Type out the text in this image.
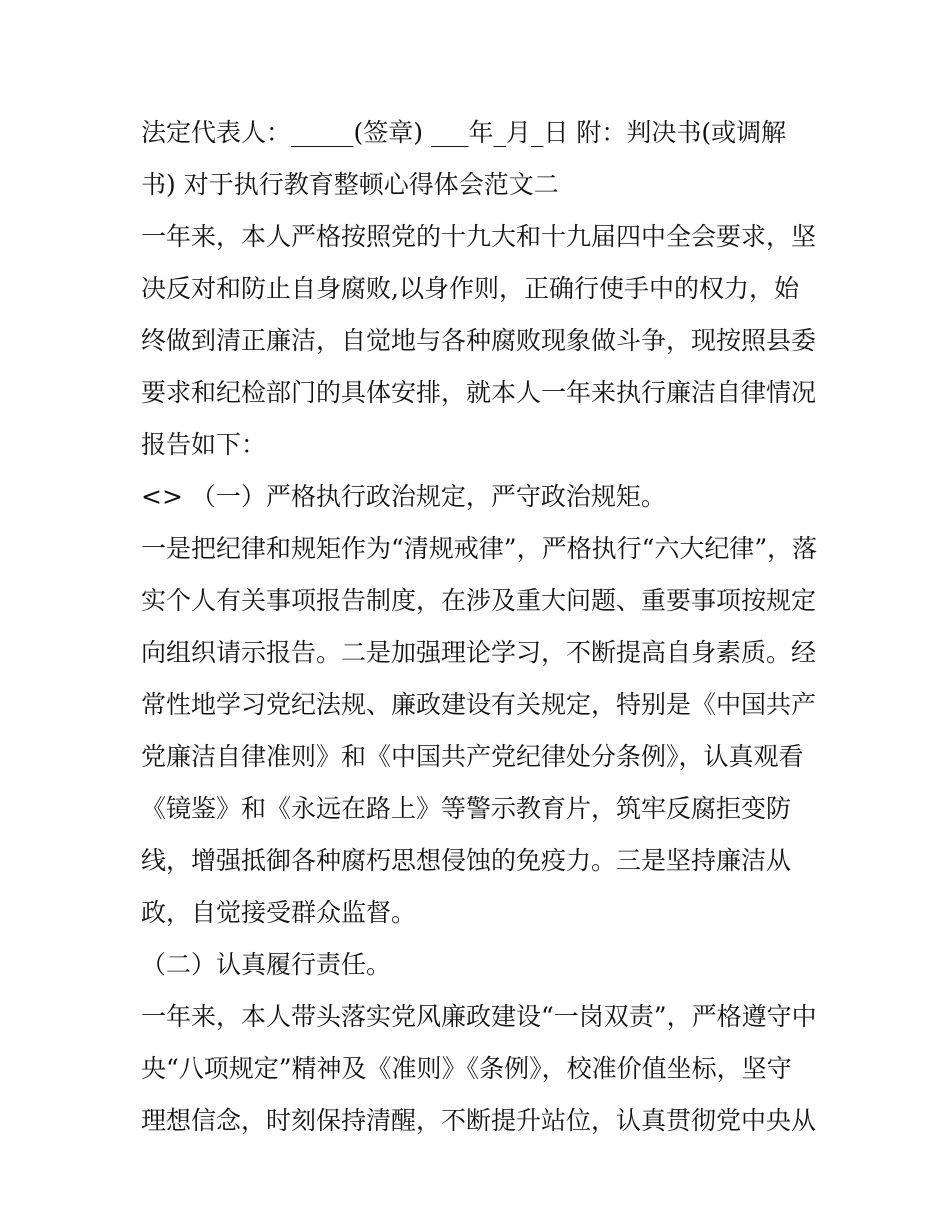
法定代表人：_____(签章) ___年_月_日 附：判决书(或调解
书) 对于执行教育整顿心得体会范文二
一年来，本人严格按照党的十九大和十九届四中全会要求，坚
决反对和防止自身腐败,以身作则，正确行使手中的权力，始
终做到清正廉洁，自觉地与各种腐败现象做斗争，现按照县委
要求和纪检部门的具体安排，就本人一年来执行廉洁自律情况
报告如下：
<> （一）严格执行政治规定，严守政治规矩。
一是把纪律和规矩作为“清规戒律”，严格执行“六大纪律”，落
实个人有关事项报告制度，在涉及重大问题、重要事项按规定
向组织请示报告。二是加强理论学习，不断提高自身素质。经
常性地学习党纪法规、廉政建设有关规定，特别是《中国共产
党廉洁自律准则》和《中国共产党纪律处分条例》，认真观看
《镜鉴》和《永远在路上》等警示教育片，筑牢反腐拒变防
线，增强抵御各种腐朽思想侵蚀的免疫力。三是坚持廉洁从
政，自觉接受群众监督。
（二）认真履行责任。
一年来，本人带头落实党风廉政建设“一岗双责”，严格遵守中
央“八项规定”精神及《准则》《条例》，校准价值坐标，坚守
理想信念，时刻保持清醒，不断提升站位，认真贯彻党中央从
